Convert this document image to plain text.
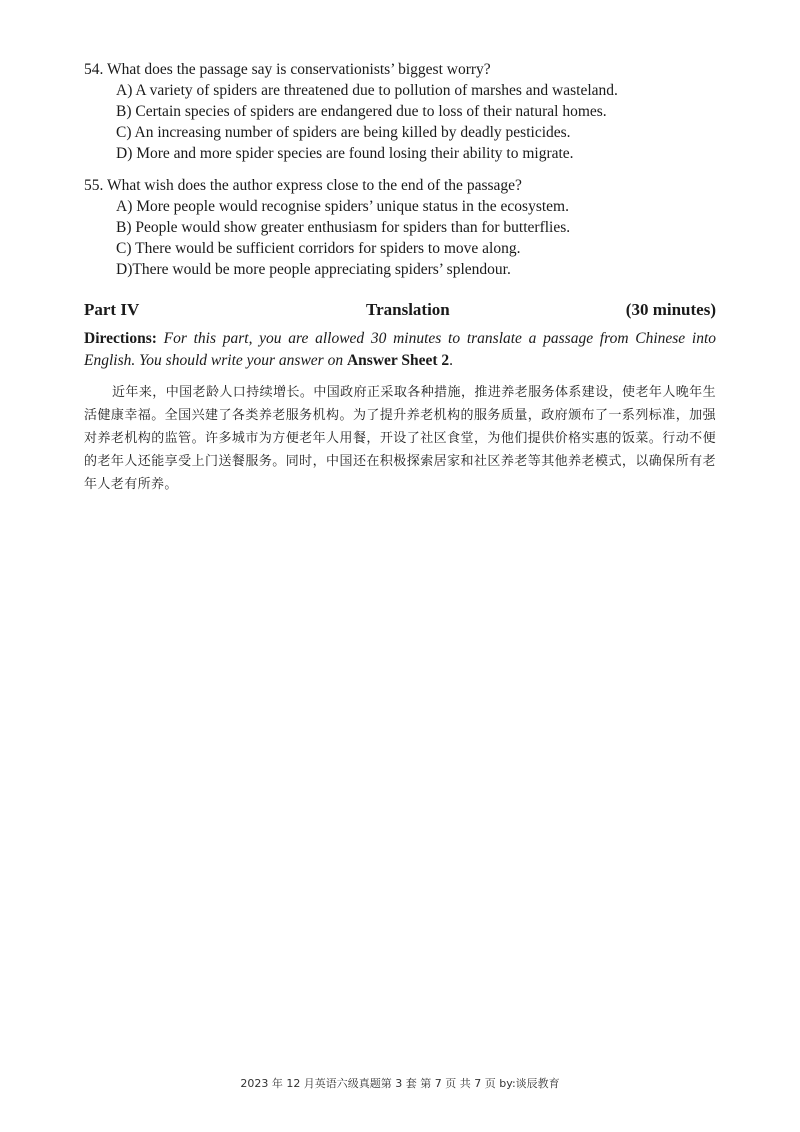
54. What does the passage say is conservationists’ biggest worry?

A) A variety of spiders are threatened due to pollution of marshes and wasteland.
B) Certain species of spiders are endangered due to loss of their natural homes.
C) An increasing number of spiders are being killed by deadly pesticides.
D) More and more spider species are found losing their ability to migrate.

55. What wish does the author express close to the end of the passage?

A) More people would recognise spiders’ unique status in the ecosystem.
B) People would show greater enthusiasm for spiders than for butterflies.
C) There would be sufficient corridors for spiders to move along.
D)There would be more people appreciating spiders’ splendour.
Part IV	Translation	(30 minutes)
Directions: For this part, you are allowed 30 minutes to translate a passage from Chinese into English. You should write your answer on Answer Sheet 2.
近年来，中国老龄人口持续增长。中国政府正采取各种措施，推进养老服务体系建设，使老年人晚年生活健康幸福。全国兴建了各类养老服务机构。为了提升养老机构的服务质量，政府颁布了一系列标准，加强对养老机构的监管。许多城市为方便老年人用餐，开设了社区食堂，为他们提供价格实惠的饭菜。行动不便的老年人还能享受上门送餐服务。同时，中国还在积极探索居家和社区养老等其他养老模式，以确保所有老年人老有所养。
2023 年 12 月英语六级真题第 3 套 第 7 页 共 7 页 by:谈辰教育
